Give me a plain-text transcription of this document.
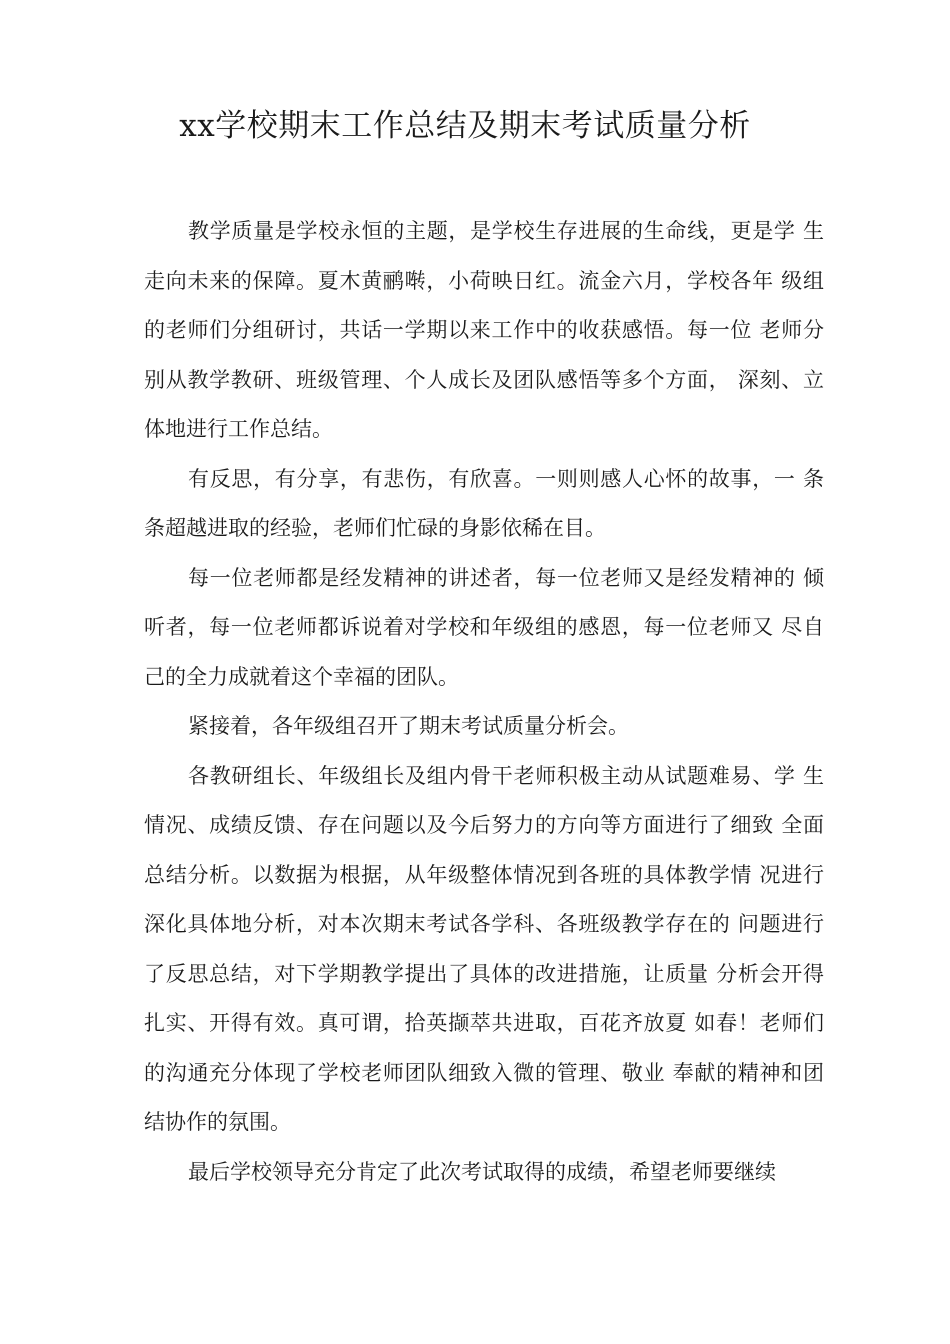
xx学校期末工作总结及期末考试质量分析
教学质量是学校永恒的主题，是学校生存进展的生命线，更是学 生
走向未来的保障。夏木黄鹂啭，小荷映日红。流金六月，学校各年 级组
的老师们分组研讨，共话一学期以来工作中的收获感悟。每一位 老师分
别从教学教研、班级管理、个人成长及团队感悟等多个方面， 深刻、立
体地进行工作总结。
有反思，有分享，有悲伤，有欣喜。一则则感人心怀的故事，一 条
条超越进取的经验，老师们忙碌的身影依稀在目。
每一位老师都是经发精神的讲述者，每一位老师又是经发精神的 倾
听者，每一位老师都诉说着对学校和年级组的感恩，每一位老师又 尽自
己的全力成就着这个幸福的团队。
紧接着，各年级组召开了期末考试质量分析会。
各教研组长、年级组长及组内骨干老师积极主动从试题难易、学 生
情况、成绩反馈、存在问题以及今后努力的方向等方面进行了细致 全面
总结分析。以数据为根据，从年级整体情况到各班的具体教学情 况进行
深化具体地分析，对本次期末考试各学科、各班级教学存在的 问题进行
了反思总结，对下学期教学提出了具体的改进措施，让质量 分析会开得
扎实、开得有效。真可谓，拾英撷萃共进取，百花齐放夏 如春！老师们
的沟通充分体现了学校老师团队细致入微的管理、敬业 奉献的精神和团
结协作的氛围。
最后学校领导充分肯定了此次考试取得的成绩，希望老师要继续
